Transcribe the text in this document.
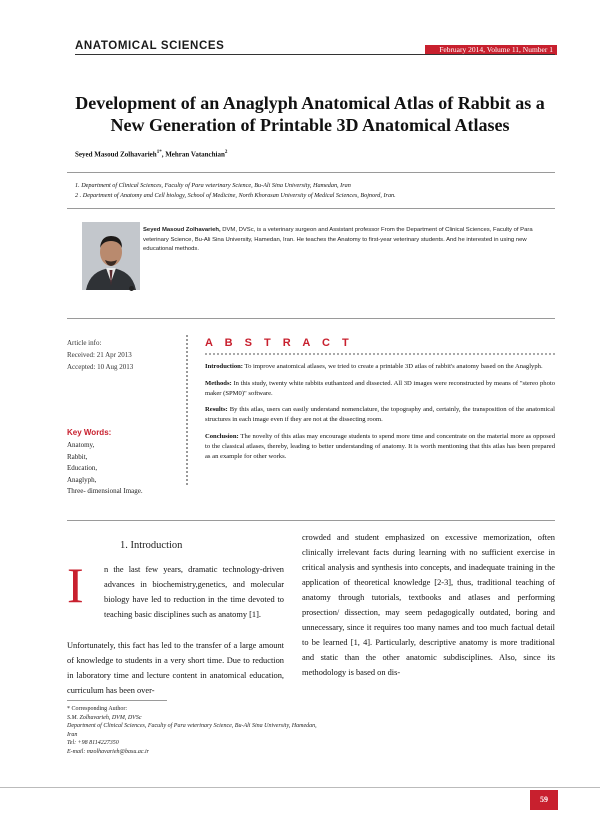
ANATOMICAL SCIENCES	February 2014, Volume 11, Number 1
Development of an Anaglyph Anatomical Atlas of Rabbit as a New Generation of Printable 3D Anatomical Atlases
Seyed Masoud Zolhavarieh$^{1*}$, Mehran Vatanchian$^2$
1. Department of Clinical Sciences, Faculty of Para veterinary Science, Bu-Ali Sina University, Hamedan, Iran
2 . Department of Anatomy and Cell biology, School of Medicine, North Khorasan University of Medical Sciences, Bojnord, Iran.
Seyed Masoud Zolhavarieh, DVM, DVSc, is a veterinary surgeon and Assistant professor From the Department of Clinical Sciences, Faculty of Para veterinary Science, Bu-Ali Sina University, Hamedan, Iran. He teaches the Anatomy to first-year veterinary students. And he interested in using new educational methods.
Article info:
Received: 21 Apr 2013
Accepted: 10 Aug 2013
Key Words:
Anatomy,
Rabbit,
Education,
Anaglyph,
Three- dimensional Image.
A B S T R A C T

Introduction: To improve anatomical atlases, we tried to create a printable 3D atlas of rabbit's anatomy based on the Anaglyph.

Methods: In this study, twenty white rabbits euthanized and dissected. All 3D images were reconstructed by means of "stereo photo maker (SPM0)" software.

Results: By this atlas, users can easily understand nomenclature, the topography and, certainly, the transposition of the anatomical structures in each image even if they are not at the dissecting room.

Conclusion: The novelty of this atlas may encourage students to spend more time and concentrate on the material more as opposed to the classical atlases, thereby, leading to better understanding of anatomy. It is worth mentioning that this atlas has been prepared as an example for other works.

1. Introduction
I n the last few years, dramatic technology-driven advances in biochemistry,genetics, and molecular biology have led to reduction in the time devoted to teaching basic disciplines such as anatomy [1].
Unfortunately, this fact has led to the transfer of a large amount of knowledge to students in a very short time. Due to reduction in laboratory time and lecture content in anatomical education, curriculum has been over-
crowded and student emphasized on excessive memorization, often clinically irrelevant facts during learning with no sufficient exercise in critical analysis and synthesis into concepts, and inadequate training in the application of theoretical knowledge [2-3], thus, traditional teaching of anatomy through tutorials, textbooks and atlases and performing prosection/ dissection, may seem pedagogically outdated, boring and unnecessary, since it requires too many names and too much factual detail to be learned [1, 4]. Particularly, descriptive anatomy is more traditional and static than the other anatomic subdisciplines. Also, since its methodology is based on dis-
* Corresponding Author:
S.M. Zolhavarieh, DVM, DVSc
Department of Clinical Sciences, Faculty of Para veterinary Science, Bu-Ali Sina University, Hamedan, Iran
Tel: +98 8114227350
E-mail: mzolhavarieh@basu.ac.ir
59
